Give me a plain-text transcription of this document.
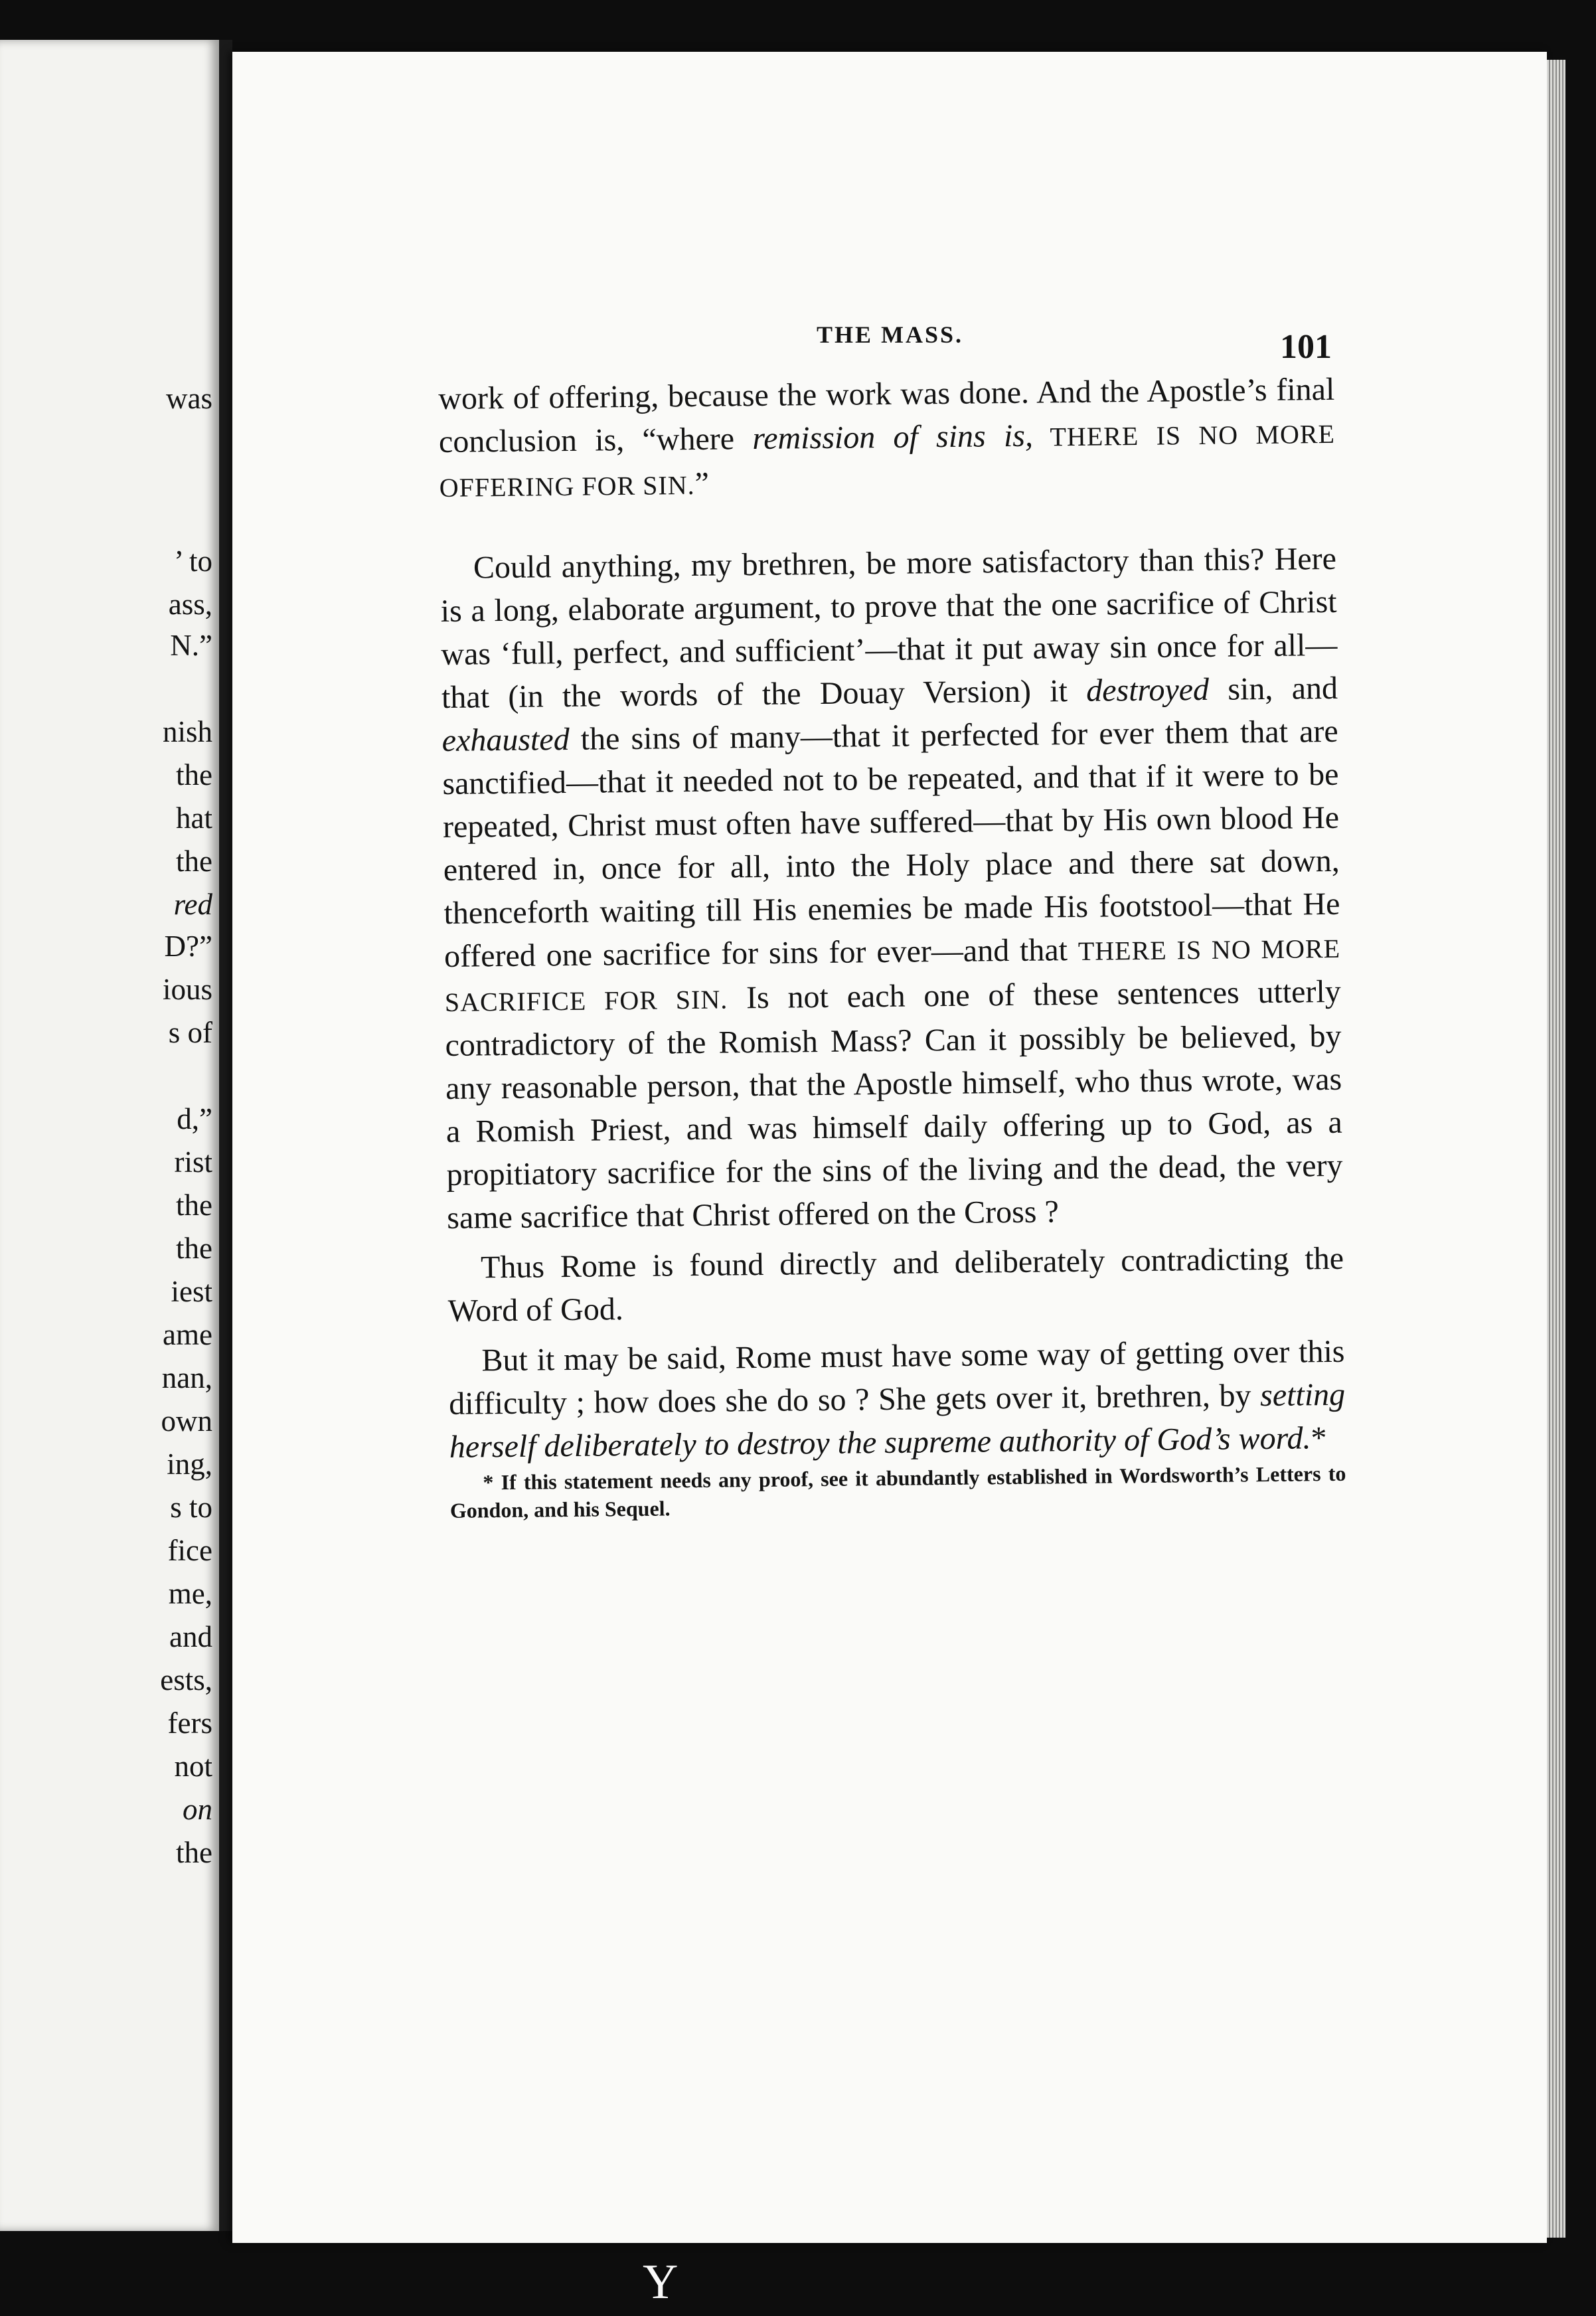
was

’ to

ass,

N.”

nish

the

hat

the

red

D?”

ious

s of

d,”

rist

the

the

iest

ame

nan,

own

ing,

s to

fice

me,

and

ests,

fers

not

on

the

THE MASS.	101

work of offering, because the work was done. And the Apostle’s final conclusion is, “where remission of sins is, THERE IS NO MORE OFFERING FOR SIN.”

Could anything, my brethren, be more satisfactory than this? Here is a long, elaborate argument, to prove that the one sacrifice of Christ was ‘full, perfect, and sufficient’—that it put away sin once for all—that (in the words of the Douay Version) it destroyed sin, and exhausted the sins of many—that it perfected for ever them that are sanctified—that it needed not to be repeated, and that if it were to be repeated, Christ must often have suffered—that by His own blood He entered in, once for all, into the Holy place and there sat down, thenceforth waiting till His enemies be made His footstool—that He offered one sacrifice for sins for ever—and that THERE IS NO MORE SACRIFICE FOR SIN. Is not each one of these sentences utterly contradictory of the Romish Mass? Can it possibly be believed, by any reasonable person, that the Apostle himself, who thus wrote, was a Romish Priest, and was himself daily offering up to God, as a propitiatory sacrifice for the sins of the living and the dead, the very same sacrifice that Christ offered on the Cross ?

Thus Rome is found directly and deliberately contradicting the Word of God.

But it may be said, Rome must have some way of getting over this difficulty ; how does she do so ? She gets over it, brethren, by setting herself deliberately to destroy the supreme authority of God’s word.*

* If this statement needs any proof, see it abundantly established in Wordsworth’s Letters to Gondon, and his Sequel.

Y
